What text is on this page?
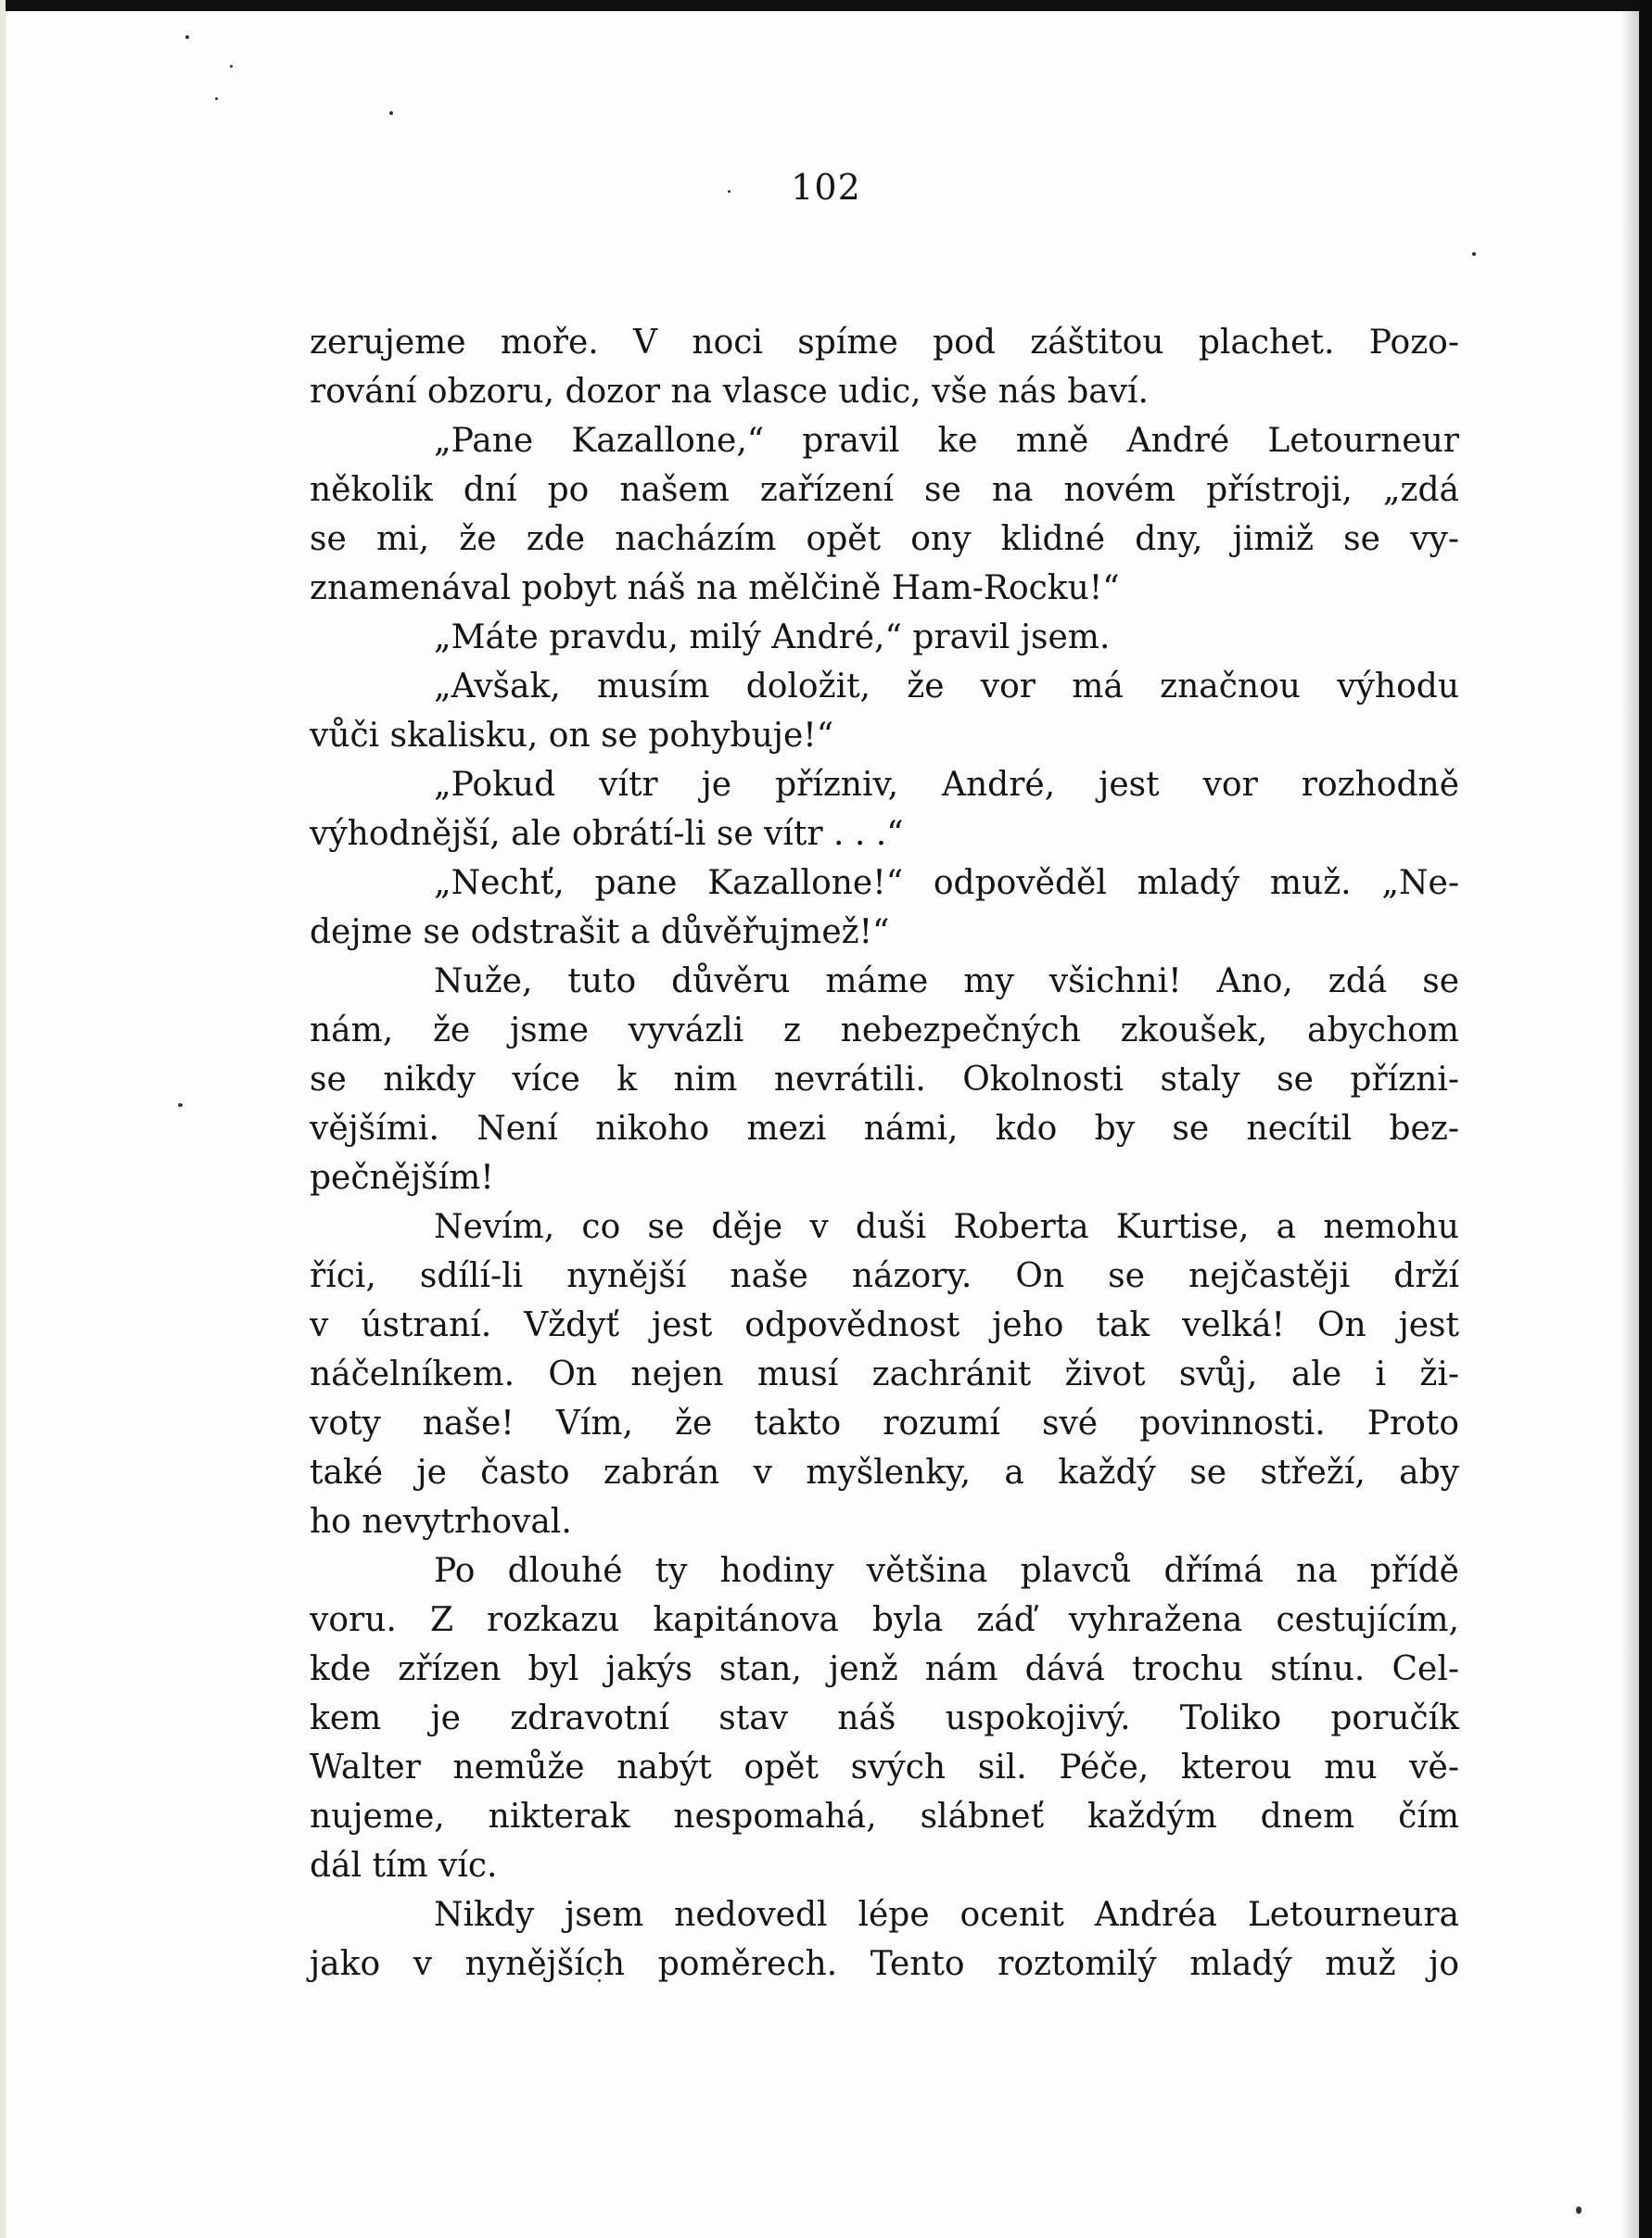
102
zerujeme moře. V noci spíme pod záštitou plachet. Pozo-
rování obzoru, dozor na vlasce udic, vše nás baví.
„Pane Kazallone,“ pravil ke mně André Letourneur
několik dní po našem zařízení se na novém přístroji, „zdá
se mi, že zde nacházím opět ony klidné dny, jimiž se vy-
znamenával pobyt náš na mělčině Ham-Rocku!“
„Máte pravdu, milý André,“ pravil jsem.
„Avšak, musím doložit, že vor má značnou výhodu
vůči skalisku, on se pohybuje!“
„Pokud vítr je přízniv, André, jest vor rozhodně
výhodnější, ale obrátí-li se vítr . . .“
„Nechť, pane Kazallone!“ odpověděl mladý muž. „Ne-
dejme se odstrašit a důvěřujmež!“
Nuže, tuto důvěru máme my všichni! Ano, zdá se
nám, že jsme vyvázli z nebezpečných zkoušek, abychom
se nikdy více k nim nevrátili. Okolnosti staly se přízni-
vějšími. Není nikoho mezi námi, kdo by se necítil bez-
pečnějším!
Nevím, co se děje v duši Roberta Kurtise, a nemohu
říci, sdílí-li nynější naše názory. On se nejčastěji drží
v ústraní. Vždyť jest odpovědnost jeho tak velká! On jest
náčelníkem. On nejen musí zachránit život svůj, ale i ži-
voty naše! Vím, že takto rozumí své povinnosti. Proto
také je často zabrán v myšlenky, a každý se střeží, aby
ho nevytrhoval.
Po dlouhé ty hodiny většina plavců dřímá na přídě
voru. Z rozkazu kapitánova byla záď vyhražena cestujícím,
kde zřízen byl jakýs stan, jenž nám dává trochu stínu. Cel-
kem je zdravotní stav náš uspokojivý. Toliko poručík
Walter nemůže nabýt opět svých sil. Péče, kterou mu vě-
nujeme, nikterak nespomahá, slábneť každým dnem čím
dál tím víc.
Nikdy jsem nedovedl lépe ocenit Andréa Letourneura
jako v nynějších poměrech. Tento roztomilý mladý muž jo
